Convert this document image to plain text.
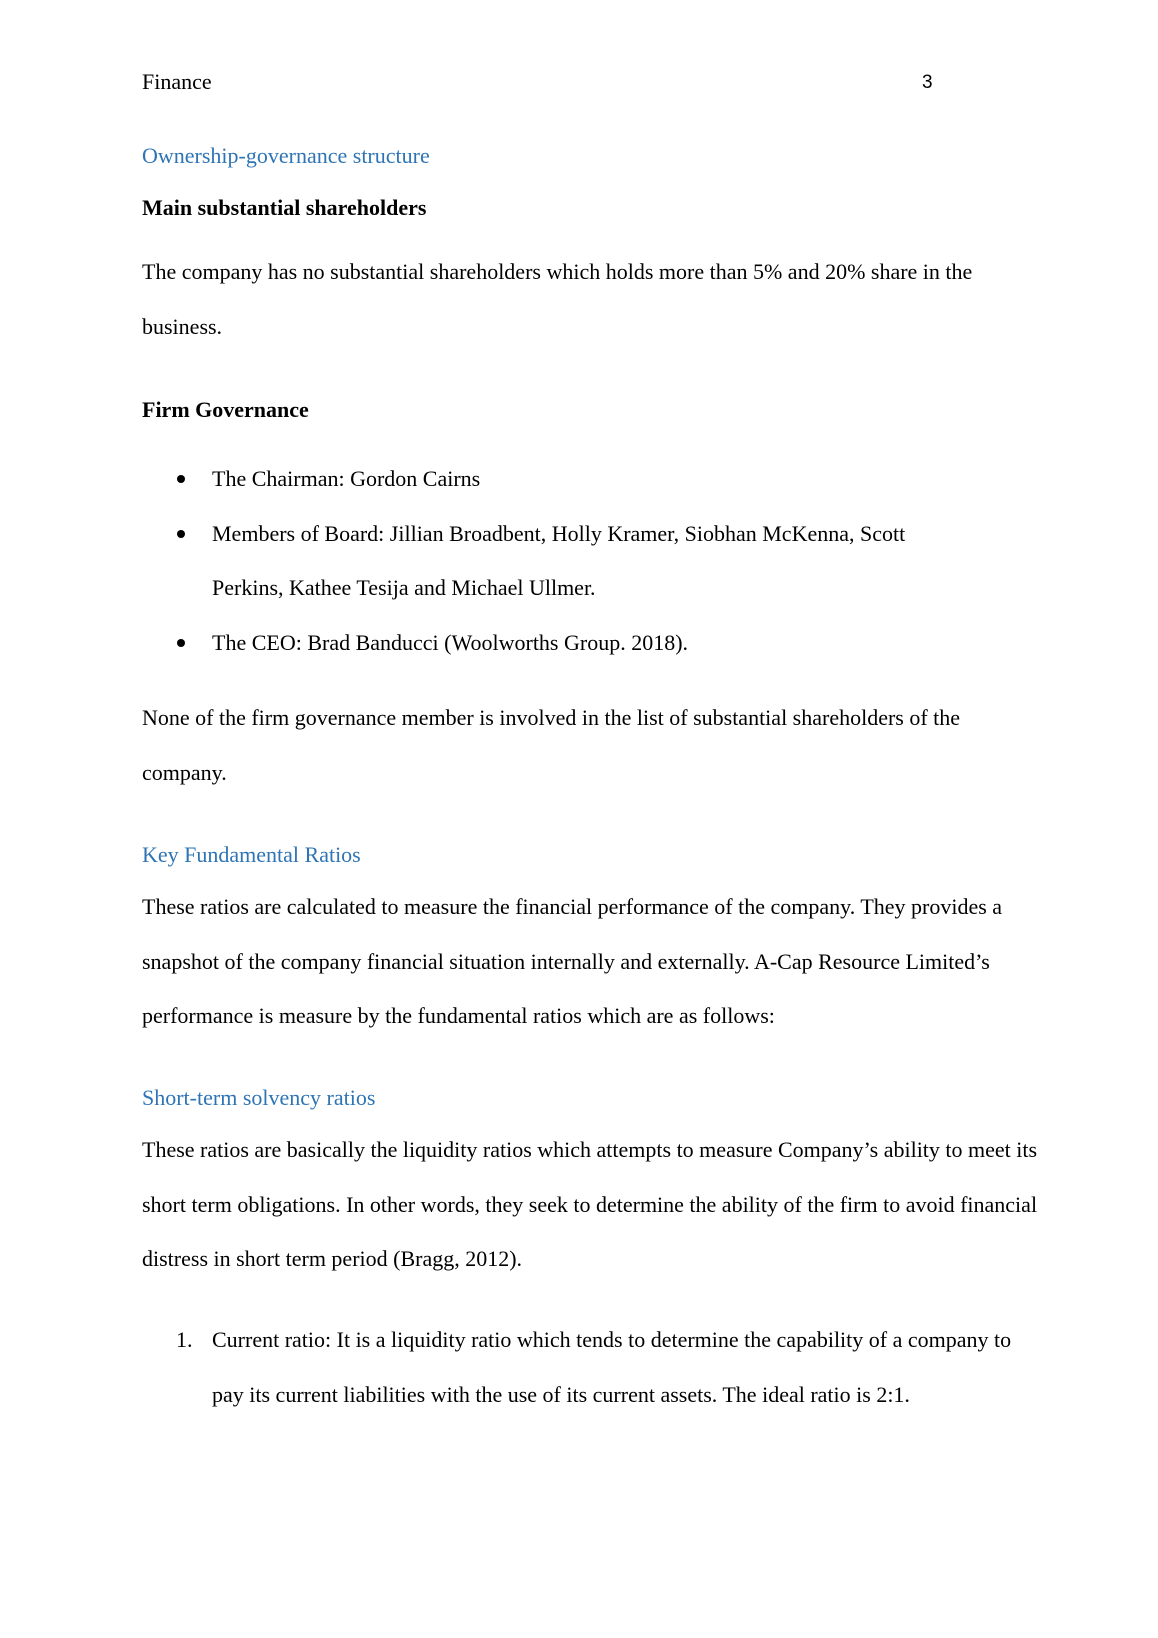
Finance	3
Ownership-governance structure
Main substantial shareholders

The company has no substantial shareholders which holds more than 5% and 20% share in the business.

Firm Governance
The Chairman: Gordon Cairns
Members of Board: Jillian Broadbent, Holly Kramer, Siobhan McKenna, Scott Perkins, Kathee Tesija and Michael Ullmer.
The CEO: Brad Banducci (Woolworths Group. 2018).

None of the firm governance member is involved in the list of substantial shareholders of the company.

Key Fundamental Ratios

These ratios are calculated to measure the financial performance of the company. They provides a snapshot of the company financial situation internally and externally. A-Cap Resource Limited’s performance is measure by the fundamental ratios which are as follows:

Short-term solvency ratios

These ratios are basically the liquidity ratios which attempts to measure Company’s ability to meet its short term obligations. In other words, they seek to determine the ability of the firm to avoid financial distress in short term period (Bragg, 2012).

1. Current ratio: It is a liquidity ratio which tends to determine the capability of a company to pay its current liabilities with the use of its current assets. The ideal ratio is 2:1.
